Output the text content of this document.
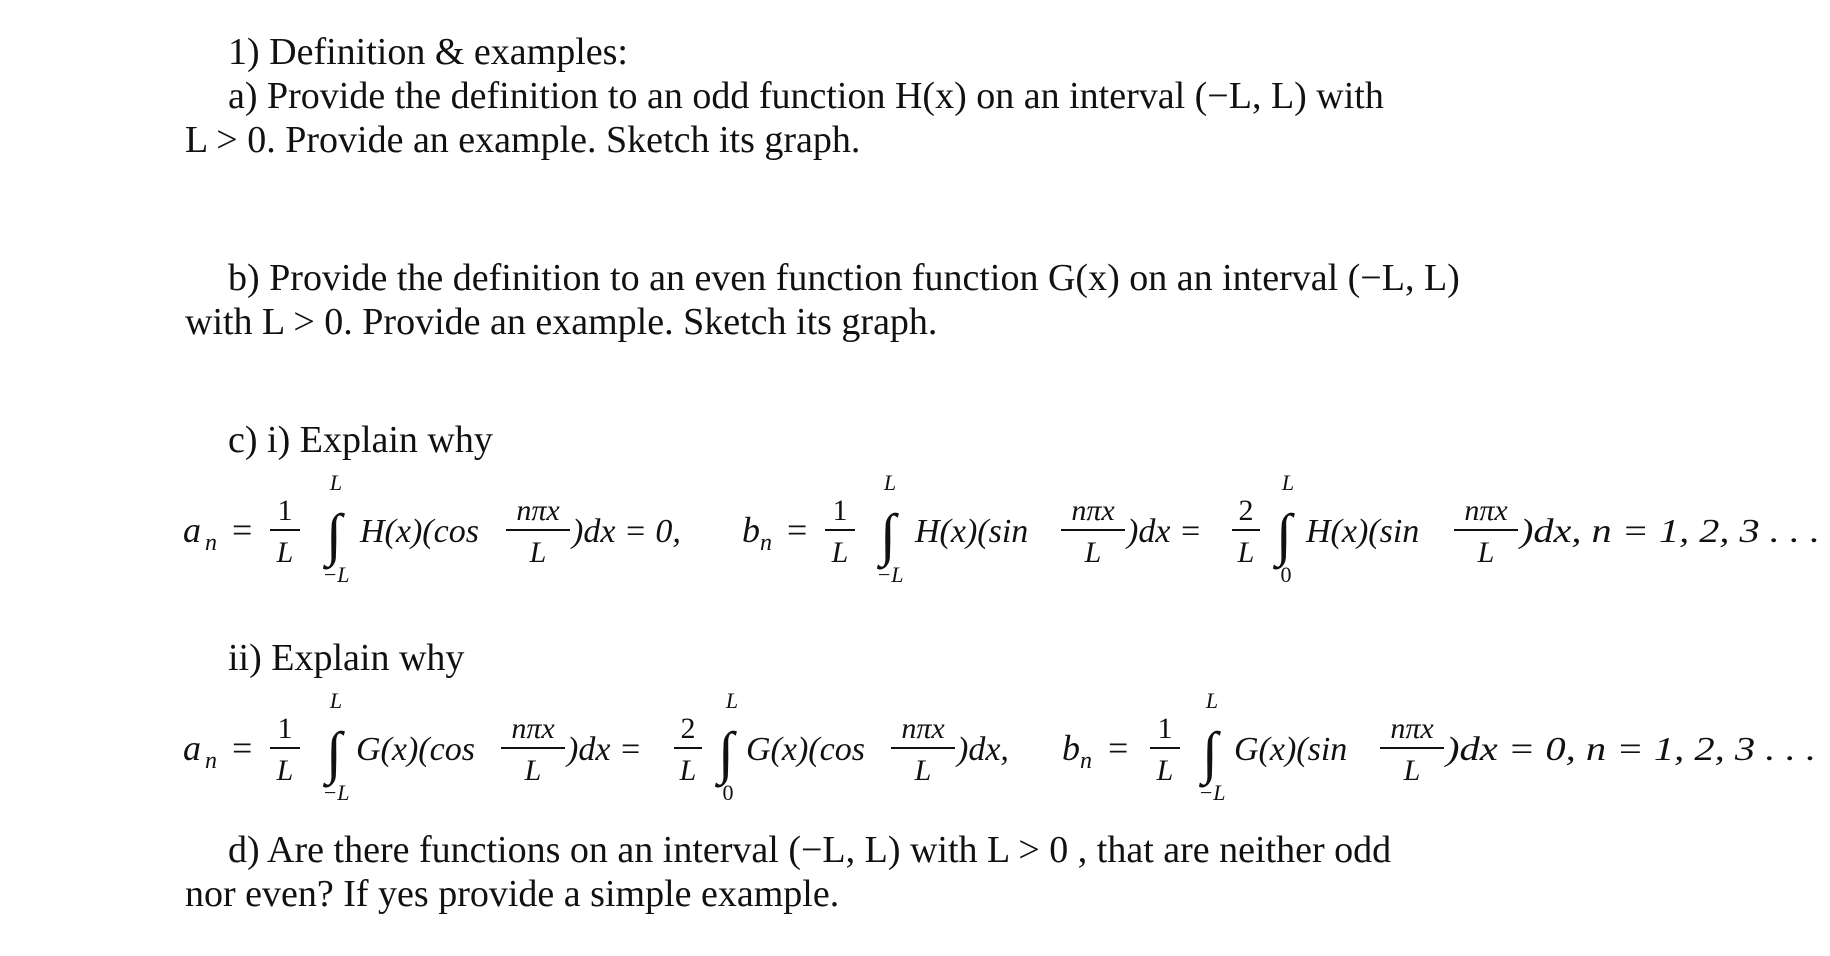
1) Definition & examples:
a) Provide the definition to an odd function H(x) on an interval (−L, L) with
L > 0. Provide an example. Sketch its graph.
b) Provide the definition to an even function function G(x) on an interval (−L, L)
with L > 0. Provide an example. Sketch its graph.
c) i) Explain why
a n = 1
L
L
∫
−L
H(x)(cos
nπx
L
)dx = 0, b n = 1
L
L
∫
−L
H(x)(sin
nπx
L
)dx =
2
L
L
∫
0
H(x)(sin
nπx
L
)dx, n = 1, 2, 3 . . .
ii) Explain why
a n = 1
L
L
∫
−L
G(x)(cos
nπx
L
)dx =
2
L
L
∫
0
G(x)(cos
nπx
L
)dx, b n = 1
L
L
∫
−L
G(x)(sin
nπx
L
)dx = 0, n = 1, 2, 3 . . .
d) Are there functions on an interval (−L, L) with L > 0 , that are neither odd
nor even? If yes provide a simple example.
